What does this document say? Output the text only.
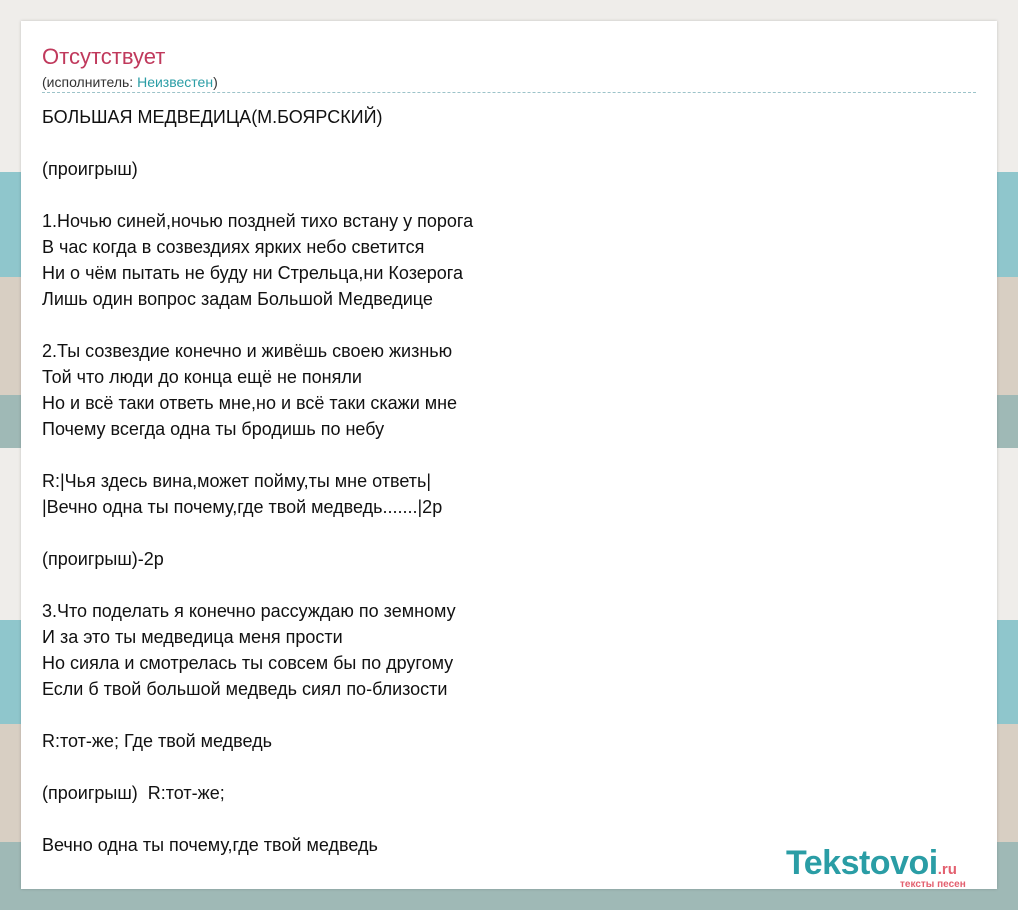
Отсутствует
(исполнитель: Неизвестен)
БОЛЬШАЯ МЕДВЕДИЦА(М.БОЯРСКИЙ)

(проигрыш)

1.Ночью синей,ночью поздней тихо встану у порога
В час когда в созвездиях ярких небо светится
Ни о чём пытать не буду ни Стрельца,ни Козерога
Лишь один вопрос задам Большой Медведице

2.Ты созвездие конечно и живёшь своею жизнью
Той что люди до конца ещё не поняли
Но и всё таки ответь мне,но и всё таки скажи мне
Почему всегда одна ты бродишь по небу

R:|Чья здесь вина,может пойму,ты мне ответь|
|Вечно одна ты почему,где твой медведь.......|2р

(проигрыш)-2р

3.Что поделать я конечно рассуждаю по земному
И за это ты медведица меня прости
Но сияла и смотрелась ты совсем бы по другому
Если б твой большой медведь сиял по-близости

R:тот-же; Где твой медведь

(проигрыш)  R:тот-же;

Вечно одна ты почему,где твой медведь	Tekstovoi.ru
тексты песен
